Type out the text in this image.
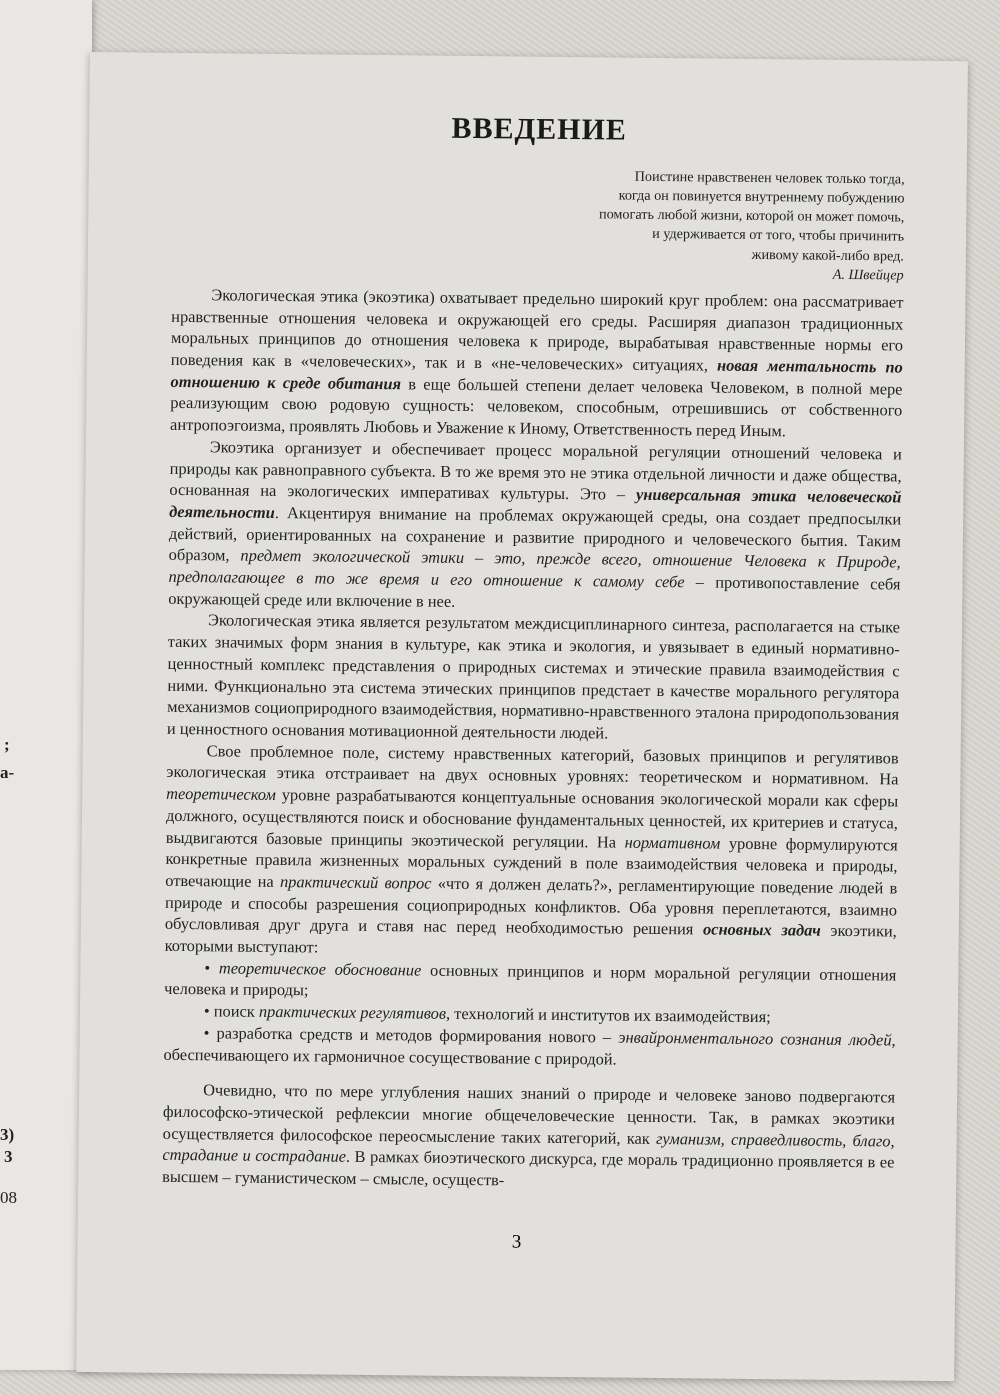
;
a-
3)
3
08
ВВЕДЕНИЕ
Поистине нравственен человек только тогда,
когда он повинуется внутреннему побуждению
помогать любой жизни, которой он может помочь,
и удерживается от того, чтобы причинить
живому какой-либо вред.
А. Швейцер

Экологическая этика (экоэтика) охватывает предельно широкий круг проблем: она рассматривает нравственные отношения человека и окружающей его среды. Расширяя диапазон традиционных моральных принципов до отношения человека к природе, вырабатывая нравственные нормы его поведения как в «человеческих», так и в «не-человеческих» ситуациях, новая ментальность по отношению к среде обитания в еще большей степени делает человека Человеком, в полной мере реализующим свою родовую сущность: человеком, способным, отрешившись от собственного антропоэгоизма, проявлять Любовь и Уважение к Иному, Ответственность перед Иным.

Экоэтика организует и обеспечивает процесс моральной регуляции отношений человека и природы как равноправного субъекта. В то же время это не этика отдельной личности и даже общества, основанная на экологических императивах культуры. Это – универсальная этика человеческой деятельности. Акцентируя внимание на проблемах окружающей среды, она создает предпосылки действий, ориентированных на сохранение и развитие природного и человеческого бытия. Таким образом, предмет экологической этики – это, прежде всего, отношение Человека к Природе, предполагающее в то же время и его отношение к самому себе – противопоставление себя окружающей среде или включение в нее.

Экологическая этика является результатом междисциплинарного синтеза, располагается на стыке таких значимых форм знания в культуре, как этика и экология, и увязывает в единый нормативно-ценностный комплекс представления о природных системах и этические правила взаимодействия с ними. Функционально эта система этических принципов предстает в качестве морального регулятора механизмов социоприродного взаимодействия, нормативно-нравственного эталона природопользования и ценностного основания мотивационной деятельности людей.

Свое проблемное поле, систему нравственных категорий, базовых принципов и регулятивов экологическая этика отстраивает на двух основных уровнях: теоретическом и нормативном. На теоретическом уровне разрабатываются концептуальные основания экологической морали как сферы должного, осуществляются поиск и обоснование фундаментальных ценностей, их критериев и статуса, выдвигаются базовые принципы экоэтической регуляции. На нормативном уровне формулируются конкретные правила жизненных моральных суждений в поле взаимодействия человека и природы, отвечающие на практический вопрос «что я должен делать?», регламентирующие поведение людей в природе и способы разрешения социоприродных конфликтов. Оба уровня переплетаются, взаимно обусловливая друг друга и ставя нас перед необходимостью решения основных задач экоэтики, которыми выступают:

• теоретическое обоснование основных принципов и норм моральной регуляции отношения человека и природы;
• поиск практических регулятивов, технологий и институтов их взаимодействия;
• разработка средств и методов формирования нового – энвайронментального сознания людей, обеспечивающего их гармоничное сосуществование с природой.

Очевидно, что по мере углубления наших знаний о природе и человеке заново подвергаются философско-этической рефлексии многие общечеловеческие ценности. Так, в рамках экоэтики осуществляется философское переосмысление таких категорий, как гуманизм, справедливость, благо, страдание и сострадание. В рамках биоэтического дискурса, где мораль традиционно проявляется в ее высшем – гуманистическом – смысле, осуществ-

3
